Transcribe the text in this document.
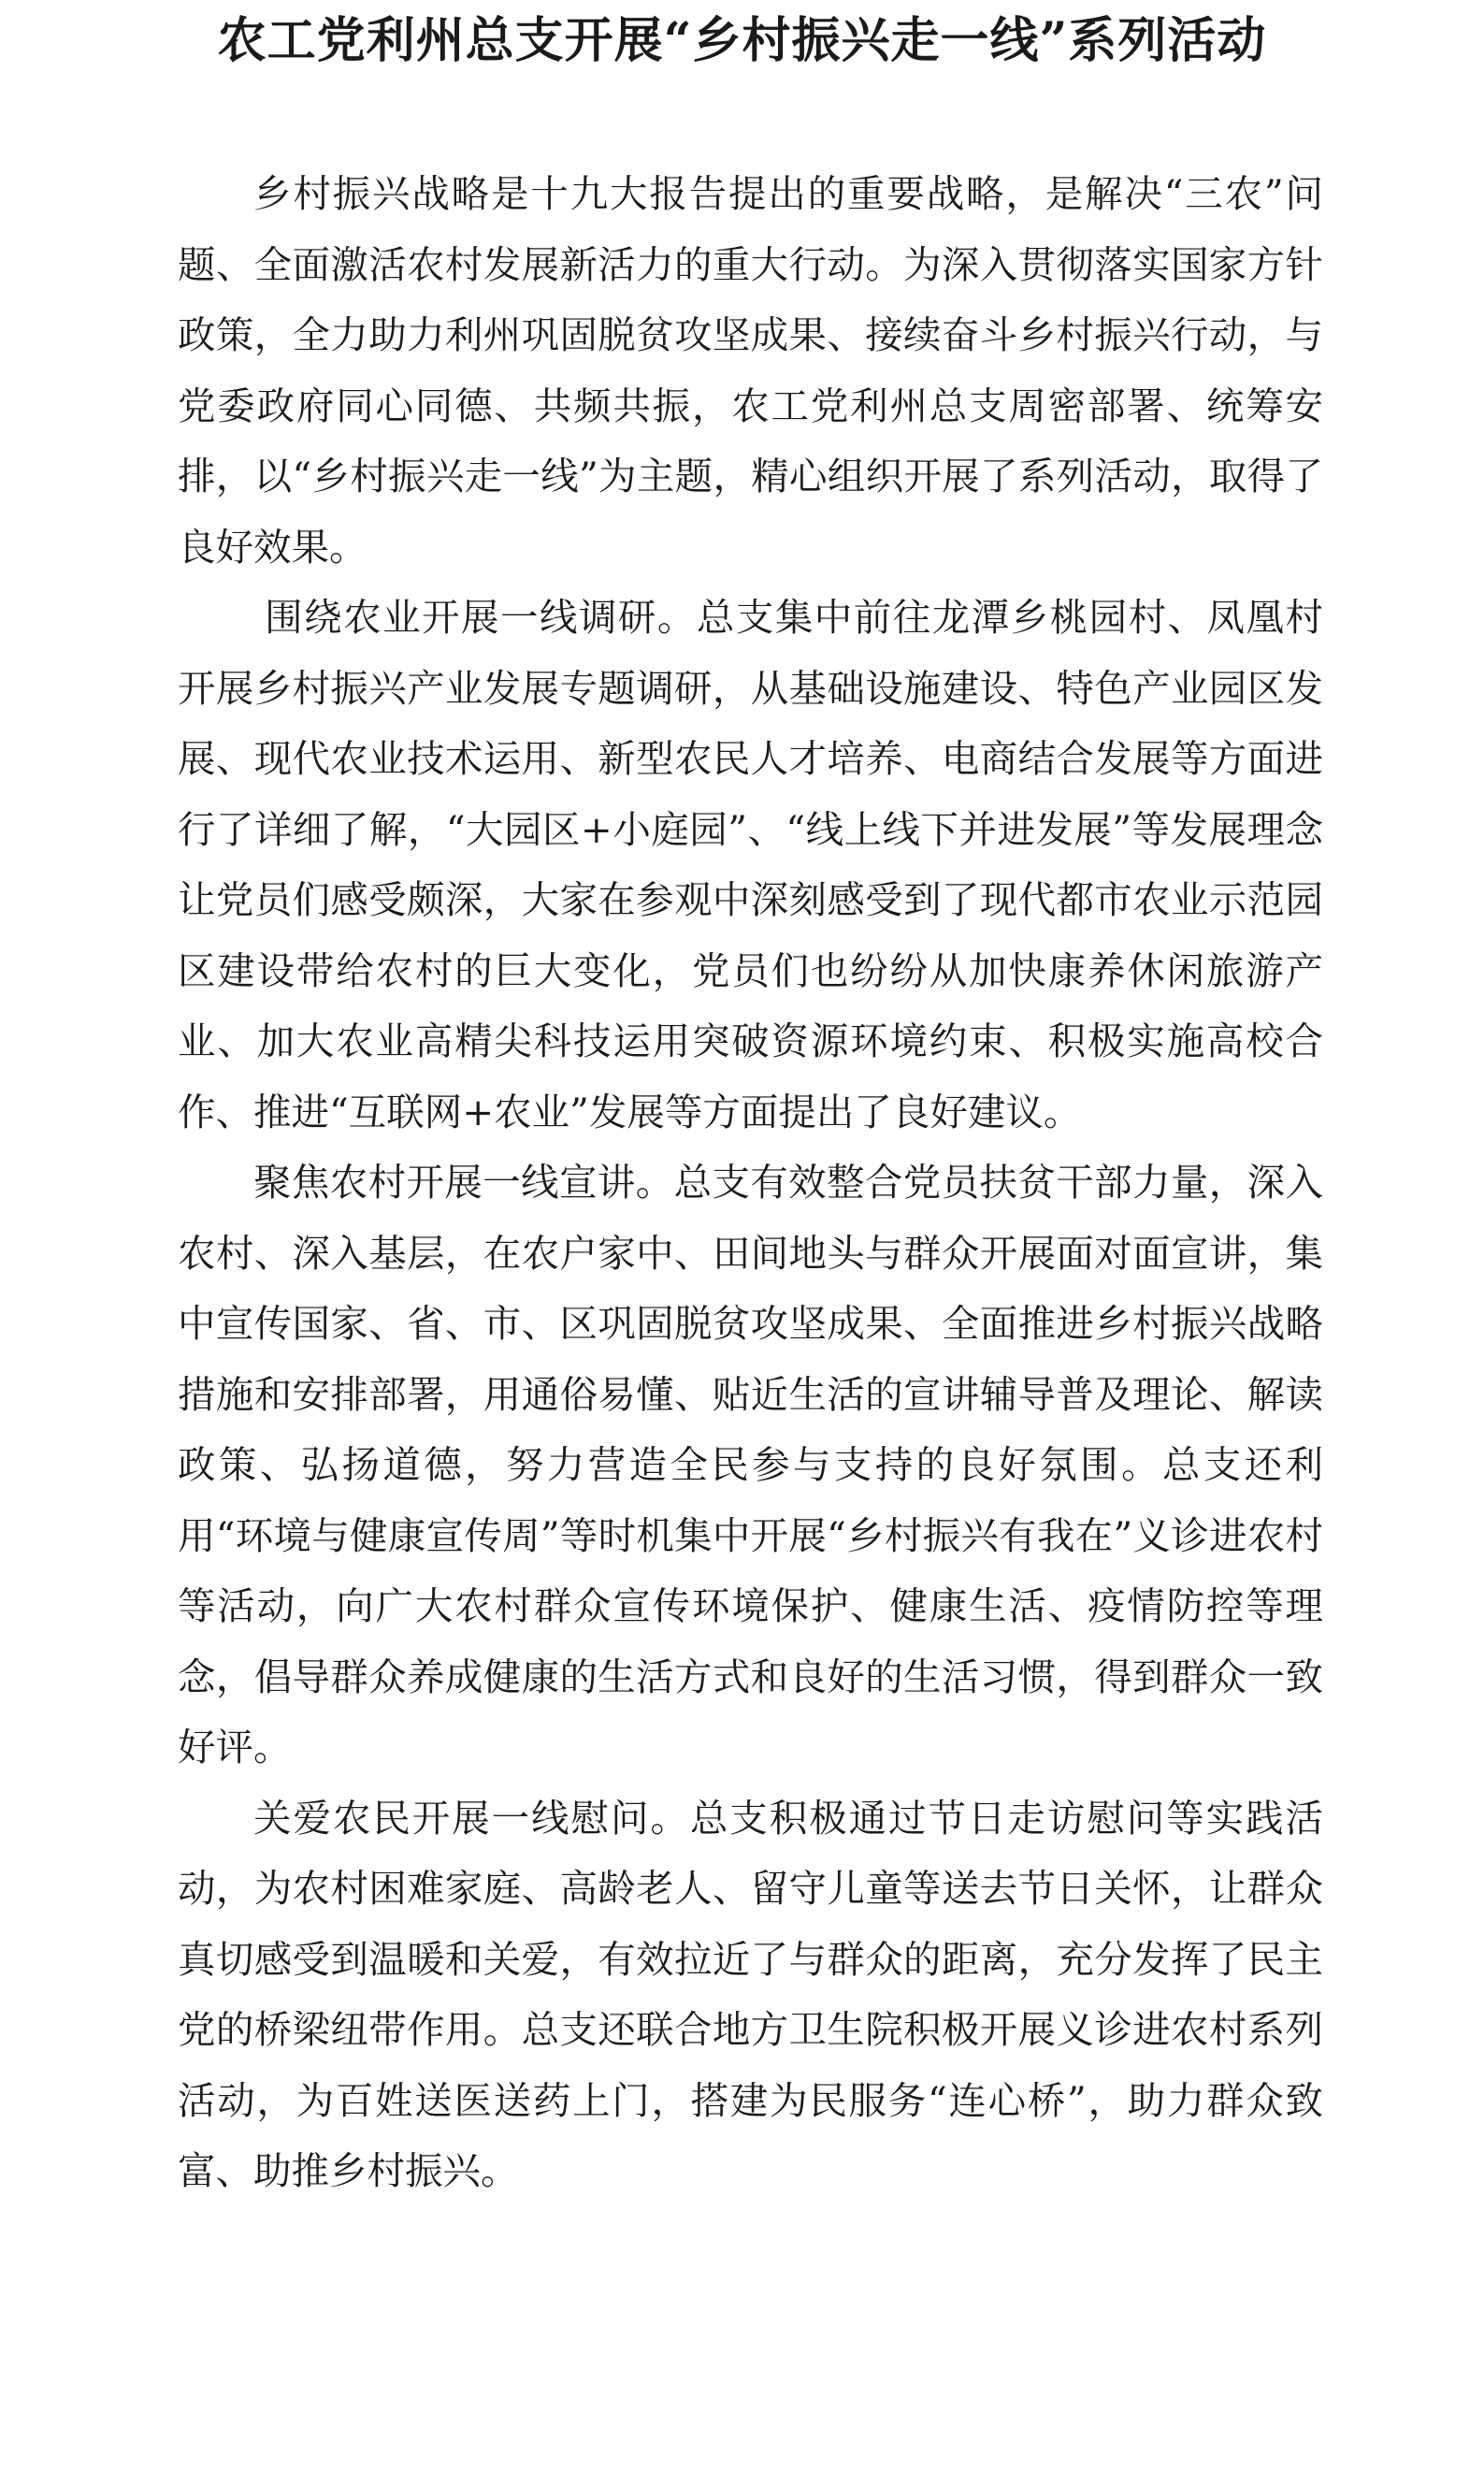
农工党利州总支开展“乡村振兴走一线”系列活动

乡村振兴战略是十九大报告提出的重要战略，是解决“三农”问题、全面激活农村发展新活力的重大行动。为深入贯彻落实国家方针政策，全力助力利州巩固脱贫攻坚成果、接续奋斗乡村振兴行动，与党委政府同心同德、共频共振，农工党利州总支周密部署、统筹安排，以“乡村振兴走一线”为主题，精心组织开展了系列活动，取得了良好效果。

围绕农业开展一线调研。总支集中前往龙潭乡桃园村、凤凰村开展乡村振兴产业发展专题调研，从基础设施建设、特色产业园区发展、现代农业技术运用、新型农民人才培养、电商结合发展等方面进行了详细了解，“大园区+小庭园”、“线上线下并进发展”等发展理念让党员们感受颇深，大家在参观中深刻感受到了现代都市农业示范园区建设带给农村的巨大变化，党员们也纷纷从加快康养休闲旅游产业、加大农业高精尖科技运用突破资源环境约束、积极实施高校合作、推进“互联网+农业”发展等方面提出了良好建议。

聚焦农村开展一线宣讲。总支有效整合党员扶贫干部力量，深入农村、深入基层，在农户家中、田间地头与群众开展面对面宣讲，集中宣传国家、省、市、区巩固脱贫攻坚成果、全面推进乡村振兴战略措施和安排部署，用通俗易懂、贴近生活的宣讲辅导普及理论、解读政策、弘扬道德，努力营造全民参与支持的良好氛围。总支还利用“环境与健康宣传周”等时机集中开展“乡村振兴有我在”义诊进农村等活动，向广大农村群众宣传环境保护、健康生活、疫情防控等理念，倡导群众养成健康的生活方式和良好的生活习惯，得到群众一致好评。

关爱农民开展一线慰问。总支积极通过节日走访慰问等实践活动，为农村困难家庭、高龄老人、留守儿童等送去节日关怀，让群众真切感受到温暖和关爱，有效拉近了与群众的距离，充分发挥了民主党的桥梁纽带作用。总支还联合地方卫生院积极开展义诊进农村系列活动，为百姓送医送药上门，搭建为民服务“连心桥”，助力群众致富、助推乡村振兴。
